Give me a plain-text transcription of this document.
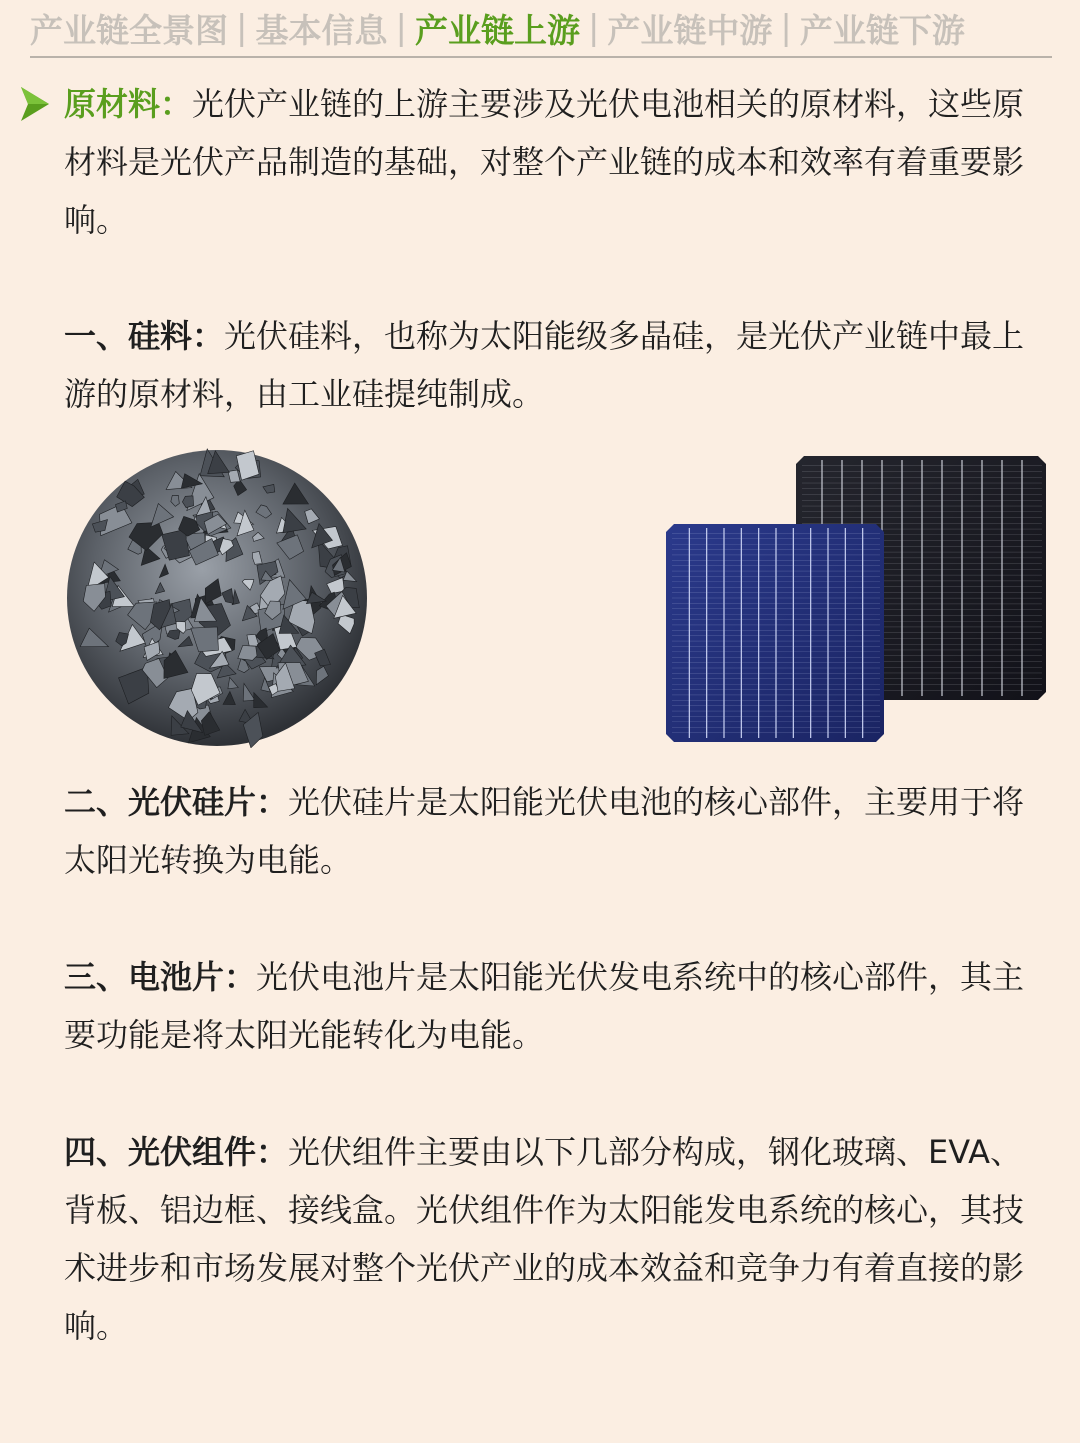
产业链全景图 | 基本信息 | 产业链上游 | 产业链中游 | 产业链下游

原材料：光伏产业链的上游主要涉及光伏电池相关的原材料，这些原材料是光伏产品制造的基础，对整个产业链的成本和效率有着重要影响。

一、硅料：光伏硅料，也称为太阳能级多晶硅，是光伏产业链中最上游的原材料，由工业硅提纯制成。

二、光伏硅片：光伏硅片是太阳能光伏电池的核心部件，主要用于将太阳光转换为电能。

三、电池片：光伏电池片是太阳能光伏发电系统中的核心部件，其主要功能是将太阳光能转化为电能。

四、光伏组件：光伏组件主要由以下几部分构成，钢化玻璃、EVA、背板、铝边框、接线盒。光伏组件作为太阳能发电系统的核心，其技术进步和市场发展对整个光伏产业的成本效益和竞争力有着直接的影响。
